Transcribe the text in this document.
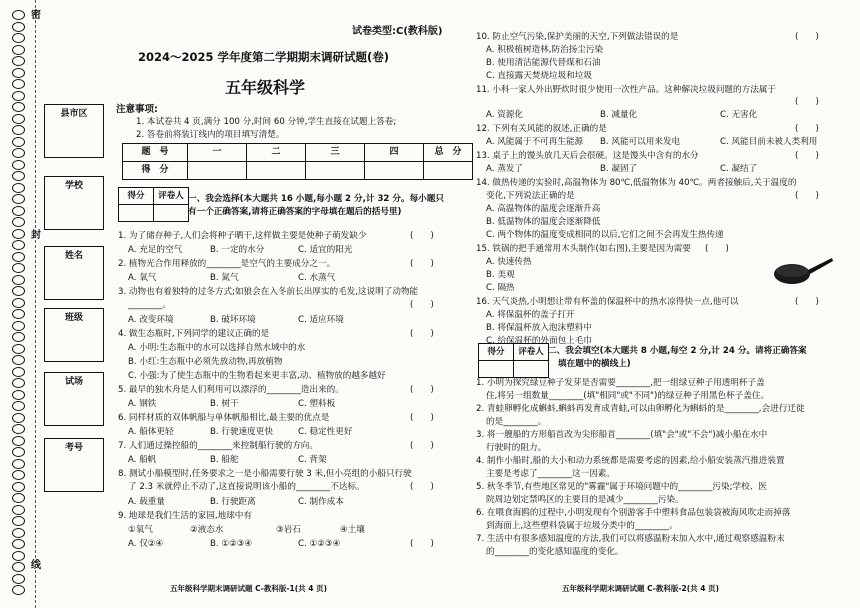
密
封
线
县市区
学校
姓名
班级
试场
考号
试卷类型:C(教科版)
2024～2025 学年度第二学期期末调研试题(卷)
五年级科学
注意事项:
1. 本试卷共 4 页,满分 100 分,时间 60 分钟,学生直接在试题上答卷;
2. 答卷前将装订线内的项目填写清楚。
题　号	一	二	三	四	总　分
得　分					
得分	评卷人
	一、我会选择(本大题共 16 小题,每小题 2 分,计 32 分。每小题只
有一个正确答案,请将正确答案的字母填在题后的括号里)
1. 为了储存种子,人们会将种子晒干,这样做主要是使种子萌发缺少	(　　)
A. 充足的空气	B. 一定的水分	C. 适宜的阳光
2. 植物光合作用释放的________是空气的主要成分之一。	(　　)
A. 氧气	B. 氮气	C. 水蒸气
3. 动物也有着独特的过冬方式;如狼会在入冬前长出厚实的毛发,这说明了动物能
________。	(　　)
A. 改变环境	B. 破坏环境	C. 适应环境
4. 做生态瓶时,下列同学的建议正确的是	(　　)
A. 小明:生态瓶中的水可以选择自然水域中的水
B. 小红:生态瓶中必须先放动物,再放植物
C. 小强:为了使生态瓶中的生物看起来更丰富,动、植物放的越多越好
5. 最早的独木舟是人们利用可以漂浮的________造出来的。	(　　)
A. 钢铁	B. 树干	C. 塑料板
6. 同样材质的双体帆船与单体帆船相比,最主要的优点是	(　　)
A. 船体更轻	B. 行驶速度更快	C. 稳定性更好
7. 人们通过操控船的________来控制船行驶的方向。	(　　)
A. 船帆	B. 船舵	C. 背架
8. 测试小船模型时,任务要求之一是小船需要行驶 3 米,但小亮组的小船只行驶
了 2.3 米就停止不动了,这直接说明该小船的________不达标。	(　　)
A. 载重量	B. 行驶距离	C. 制作成本
9. 地球是我们生活的家园,地球中有
①氧气	②液态水	③岩石	④土壤
(　　)
A. 仅②④	B. ①②③④	C. ①②③④
五年级科学期末调研试题 C-教科版-1(共 4 页)
10. 防止空气污染,保护美丽的天空,下列做法错误的是	(　　)
A. 积极植树造林,防治扬尘污染
B. 使用清洁能源代替煤和石油
C. 直接露天焚烧垃圾和垃圾
11. 小科一家人外出野炊时很少使用一次性产品。这种解决垃圾问题的方法属于
(　　)
A. 资源化	B. 减量化	C. 无害化
12. 下列有关风能的叙述,正确的是	(　　)
A. 风能属于不可再生能源 B. 风能可以用来发电	C. 风能目前未被人类利用
13. 桌子上的馒头放几天后会很硬。这是馒头中含有的水分	(　　)
A. 蒸发了	B. 凝固了	C. 凝结了
14. 做热传递的实验时,高温物体为 80℃,低温物体为 40℃。两者接触后,关于温度的
变化,下列说法正确的是	(　　)
A. 高温物体的温度会逐渐升高
B. 低温物体的温度会逐渐降低
C. 两个物体的温度变成相同的以后,它们之间不会再发生热传递
15. 铁锅的把手通常用木头制作(如右图),主要是因为需要 (　　)
A. 快速传热
B. 美观
C. 隔热
16. 天气炎热,小明想让带有杯盖的保温杯中的热水凉得快一点,他可以	(　　)
A. 将保温杯的盖子打开
B. 将保温杯放入泡沫塑料中
C. 给保温杯的外面包上毛巾
得分	评卷人
	二、我会填空(本大题共 8 小题,每空 2 分,计 24 分。请将正确答案
填在题中的横线上)
1. 小明为探究绿豆种子发芽是否需要________,把一组绿豆种子用透明杯子盖
住,将另一组数量________(填"相同"或"不同")的绿豆种子用黑色杯子盖住。
2. 青蛙卵孵化成蝌蚪,蝌蚪再发育成青蛙,可以由卵孵化为蝌蚪的是________,会进行迁徙
的是________。
3. 将一艘船的方形船首改为尖形船首________(填"会"或"不会")减小船在水中
行驶时的阻力。
4. 制作小船时,船的大小和动力系统都是需要考虑的因素,给小船安装蒸汽推进装置
主要是考虑了________这一因素。
5. 秋冬季节,有些地区常见的"雾霾"属于环境问题中的________污染;学校、医
院周边划定禁鸣区的主要目的是减少________污染。
6. 在喂食海鸥的过程中,小明发现有个别游客手中塑料食品包装袋被海风吹走而掉落
到海面上,这些塑料袋属于垃圾分类中的________。
7. 生活中有很多感知温度的方法,我们可以将感温粉末加入水中,通过观察感温粉末
的________的变化感知温度的变化。
五年级科学期末调研试题 C-教科版-2(共 4 页)
